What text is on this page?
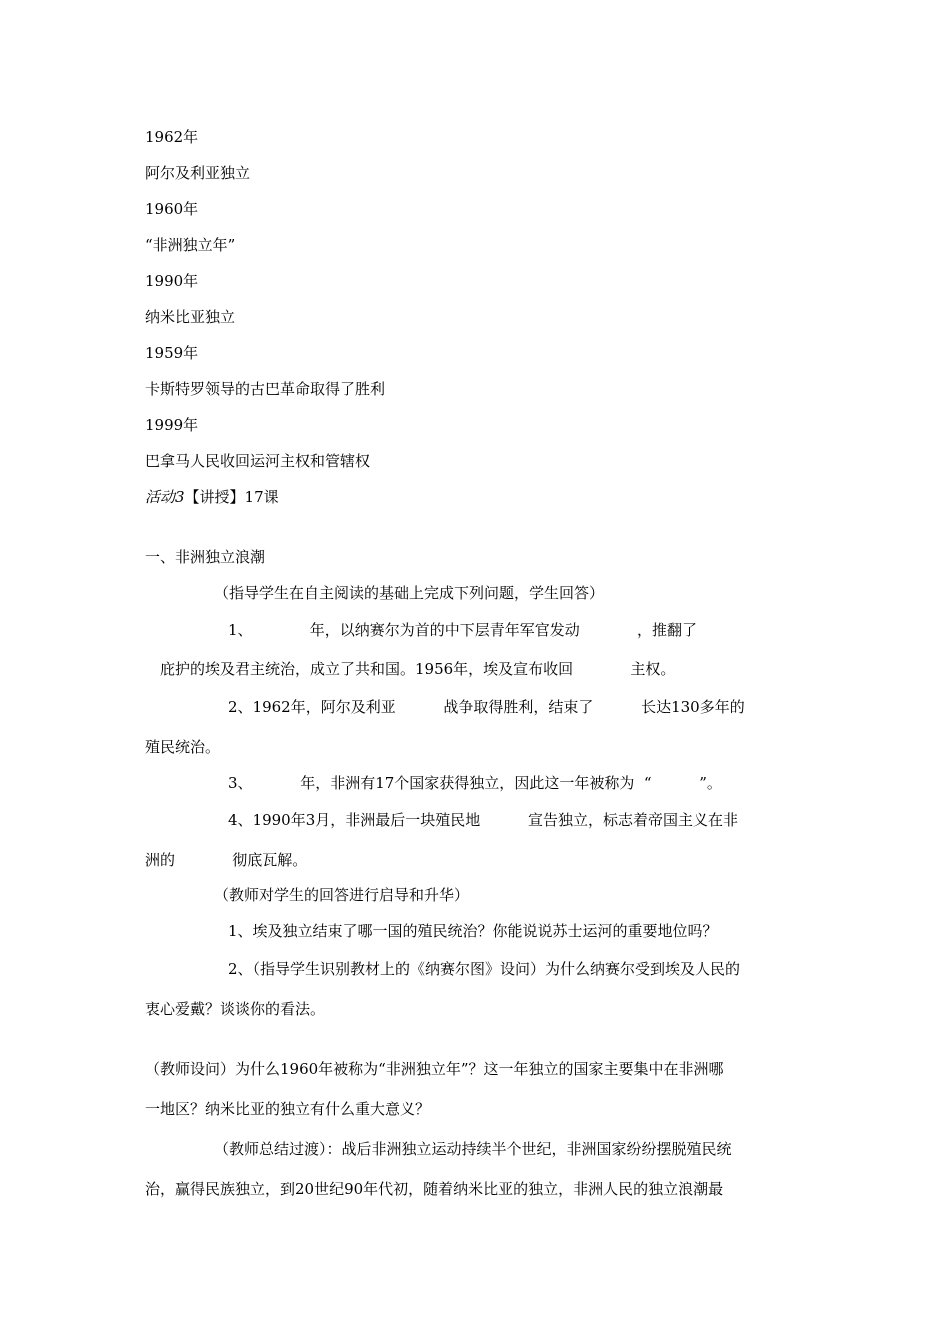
1962年
阿尔及利亚独立
1960年
“非洲独立年”
1990年
纳米比亚独立
1959年
卡斯特罗领导的古巴革命取得了胜利
1999年
巴拿马人民收回运河主权和管辖权
活动3【讲授】17课
一、非洲独立浪潮
（指导学生在自主阅读的基础上完成下列问题，学生回答）
1、            年，以纳赛尔为首的中下层青年军官发动            ，推翻了
庇护的埃及君主统治，成立了共和国。1956年，埃及宣布收回            主权。
2、1962年，阿尔及利亚          战争取得胜利，结束了          长达130多年的
殖民统治。
3、          年，非洲有17个国家获得独立，因此这一年被称为  “          ”。
4、1990年3月，非洲最后一块殖民地          宣告独立，标志着帝国主义在非
洲的            彻底瓦解。
（教师对学生的回答进行启导和升华）
1、埃及独立结束了哪一国的殖民统治？你能说说苏士运河的重要地位吗？
2、（指导学生识别教材上的《纳赛尔图》设问）为什么纳赛尔受到埃及人民的
衷心爱戴？谈谈你的看法。
（教师设问）为什么1960年被称为“非洲独立年”？这一年独立的国家主要集中在非洲哪
一地区？纳米比亚的独立有什么重大意义？
（教师总结过渡）：战后非洲独立运动持续半个世纪，非洲国家纷纷摆脱殖民统
治，赢得民族独立，到20世纪90年代初，随着纳米比亚的独立，非洲人民的独立浪潮最
